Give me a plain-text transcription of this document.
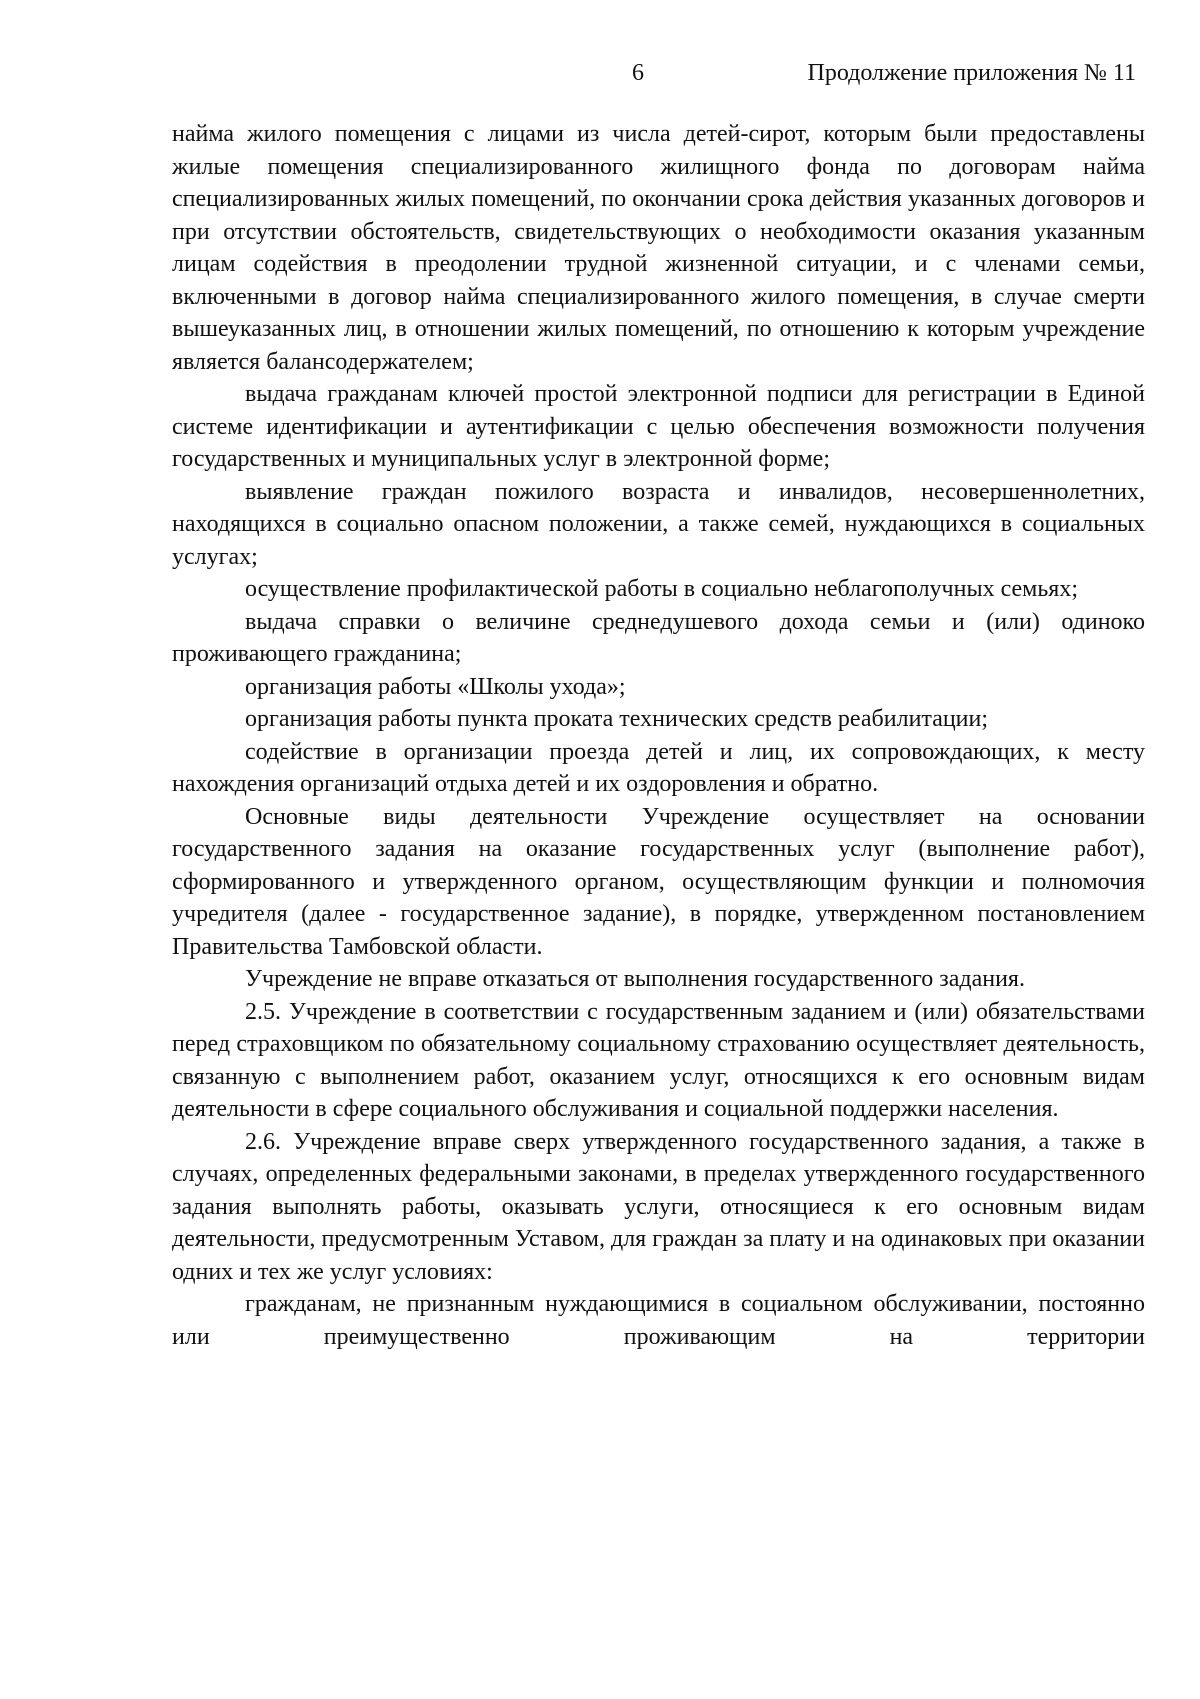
6	Продолжение приложения № 11

найма жилого помещения с лицами из числа детей-сирот, которым были предоставлены жилые помещения специализированного жилищного фонда по договорам найма специализированных жилых помещений, по окончании срока действия указанных договоров и при отсутствии обстоятельств, свидетельствующих о необходимости оказания указанным лицам содействия в преодолении трудной жизненной ситуации, и с членами семьи, включенными в договор найма специализированного жилого помещения, в случае смерти вышеуказанных лиц, в отношении жилых помещений, по отношению к которым учреждение является балансодержателем;

выдача гражданам ключей простой электронной подписи для регистрации в Единой системе идентификации и аутентификации с целью обеспечения возможности получения государственных и муниципальных услуг в электронной форме;

выявление граждан пожилого возраста и инвалидов, несовершеннолетних, находящихся в социально опасном положении, а также семей, нуждающихся в социальных услугах;

осуществление профилактической работы в социально неблагополучных семьях;

выдача справки о величине среднедушевого дохода семьи и (или) одиноко проживающего гражданина;

организация работы «Школы ухода»;

организация работы пункта проката технических средств реабилитации;

содействие в организации проезда детей и лиц, их сопровождающих, к месту нахождения организаций отдыха детей и их оздоровления и обратно.

Основные виды деятельности Учреждение осуществляет на основании государственного задания на оказание государственных услуг (выполнение работ), сформированного и утвержденного органом, осуществляющим функции и полномочия учредителя (далее - государственное задание), в порядке, утвержденном постановлением Правительства Тамбовской области.

Учреждение не вправе отказаться от выполнения государственного задания.

2.5. Учреждение в соответствии с государственным заданием и (или) обязательствами перед страховщиком по обязательному социальному страхованию осуществляет деятельность, связанную с выполнением работ, оказанием услуг, относящихся к его основным видам деятельности в сфере социального обслуживания и социальной поддержки населения.

2.6. Учреждение вправе сверх утвержденного государственного задания, а также в случаях, определенных федеральными законами, в пределах утвержденного государственного задания выполнять работы, оказывать услуги, относящиеся к его основным видам деятельности, предусмотренным Уставом, для граждан за плату и на одинаковых при оказании одних и тех же услуг условиях:

гражданам, не признанным нуждающимися в социальном обслуживании, постоянно или преимущественно проживающим на территории
